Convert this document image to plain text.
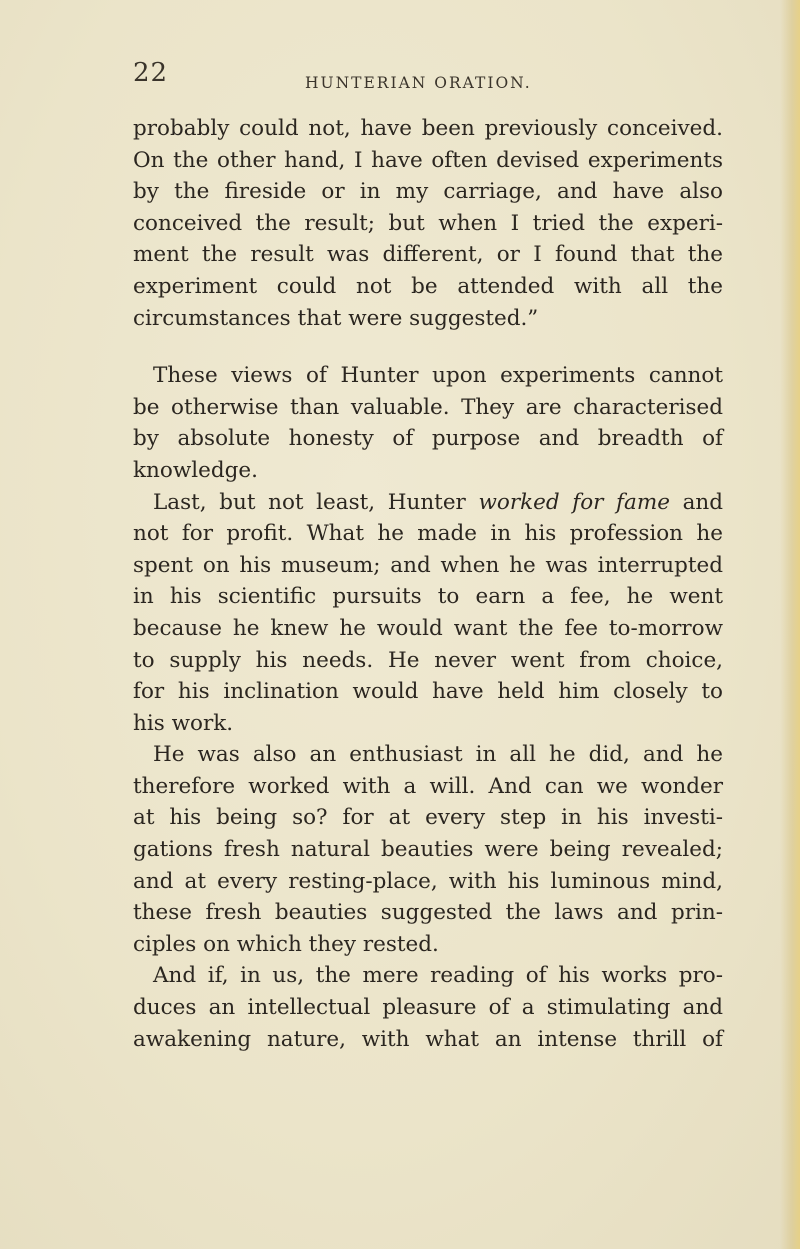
22	HUNTERIAN ORATION.
probably could not, have been previously conceived.
On the other hand, I have often devised experiments
by the fireside or in my carriage, and have also
conceived the result; but when I tried the experi-
ment the result was different, or I found that the
experiment could not be attended with all the
circumstances that were suggested.”
These views of Hunter upon experiments cannot
be otherwise than valuable. They are characterised
by absolute honesty of purpose and breadth of
knowledge.
Last, but not least, Hunter worked for fame and
not for profit. What he made in his profession he
spent on his museum; and when he was interrupted
in his scientific pursuits to earn a fee, he went
because he knew he would want the fee to-morrow
to supply his needs. He never went from choice,
for his inclination would have held him closely to
his work.
He was also an enthusiast in all he did, and he
therefore worked with a will. And can we wonder
at his being so? for at every step in his investi-
gations fresh natural beauties were being revealed;
and at every resting-place, with his luminous mind,
these fresh beauties suggested the laws and prin-
ciples on which they rested.
And if, in us, the mere reading of his works pro-
duces an intellectual pleasure of a stimulating and
awakening nature, with what an intense thrill of
